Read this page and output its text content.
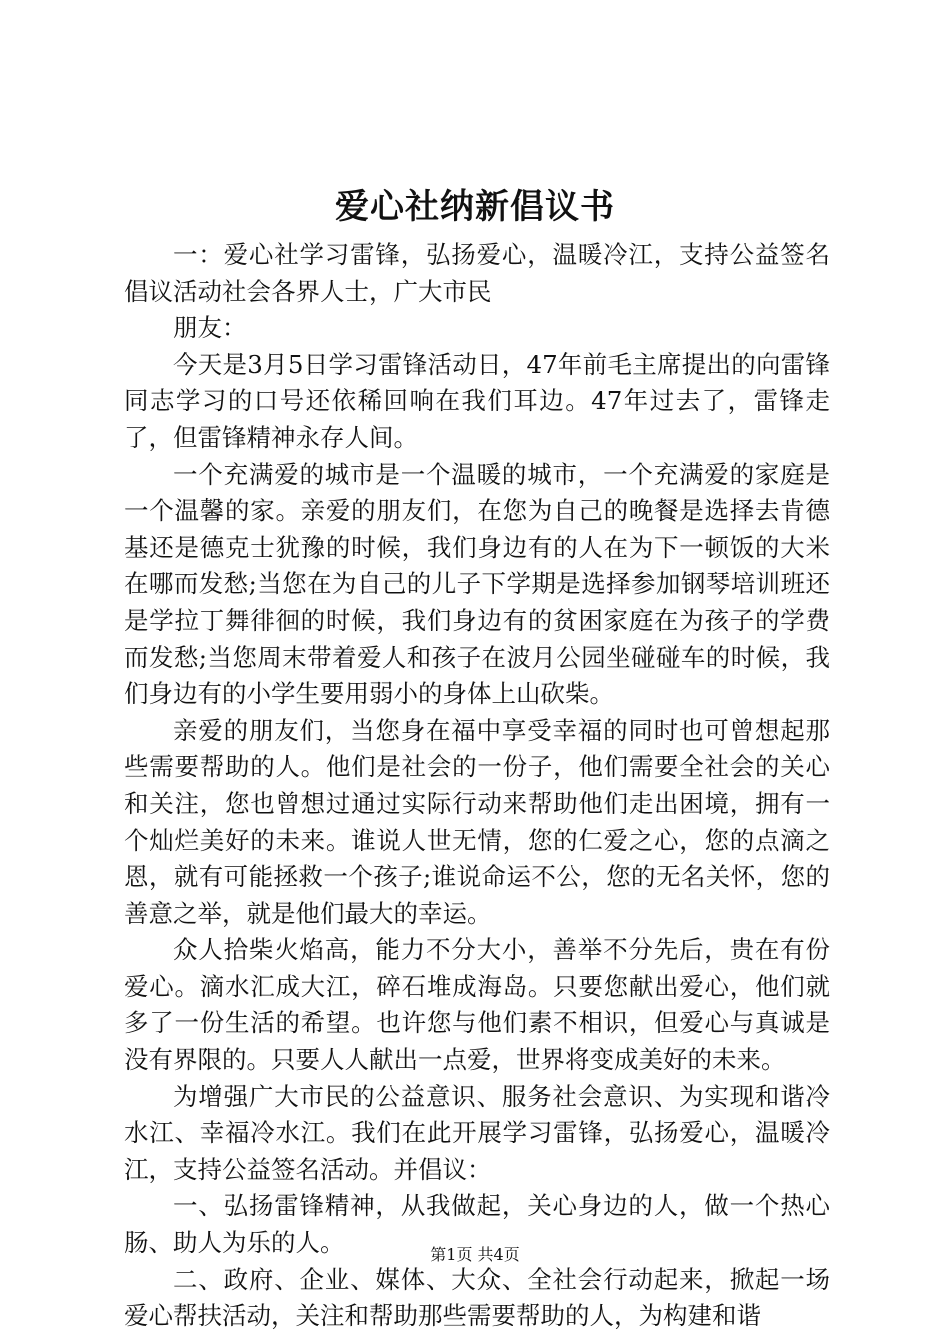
爱心社纳新倡议书

一：爱心社学习雷锋，弘扬爱心，温暖冷江，支持公益签名倡议活动社会各界人士，广大市民

朋友：

今天是3月5日学习雷锋活动日，47年前毛主席提出的向雷锋同志学习的口号还依稀回响在我们耳边。47年过去了，雷锋走了，但雷锋精神永存人间。

一个充满爱的城市是一个温暖的城市，一个充满爱的家庭是一个温馨的家。亲爱的朋友们，在您为自己的晚餐是选择去肯德基还是德克士犹豫的时候，我们身边有的人在为下一顿饭的大米在哪而发愁;当您在为自己的儿子下学期是选择参加钢琴培训班还是学拉丁舞徘徊的时候，我们身边有的贫困家庭在为孩子的学费而发愁;当您周末带着爱人和孩子在波月公园坐碰碰车的时候，我们身边有的小学生要用弱小的身体上山砍柴。

亲爱的朋友们，当您身在福中享受幸福的同时也可曾想起那些需要帮助的人。他们是社会的一份子，他们需要全社会的关心和关注，您也曾想过通过实际行动来帮助他们走出困境，拥有一个灿烂美好的未来。谁说人世无情，您的仁爱之心，您的点滴之恩，就有可能拯救一个孩子;谁说命运不公，您的无名关怀，您的善意之举，就是他们最大的幸运。

众人拾柴火焰高，能力不分大小，善举不分先后，贵在有份爱心。滴水汇成大江，碎石堆成海岛。只要您献出爱心，他们就多了一份生活的希望。也许您与他们素不相识，但爱心与真诚是没有界限的。只要人人献出一点爱，世界将变成美好的未来。

为增强广大市民的公益意识、服务社会意识、为实现和谐冷水江、幸福冷水江。我们在此开展学习雷锋，弘扬爱心，温暖冷江，支持公益签名活动。并倡议：

一、弘扬雷锋精神，从我做起，关心身边的人，做一个热心肠、助人为乐的人。

二、政府、企业、媒体、大众、全社会行动起来，掀起一场爱心帮扶活动，关注和帮助那些需要帮助的人，为构建和谐

第1页 共4页
